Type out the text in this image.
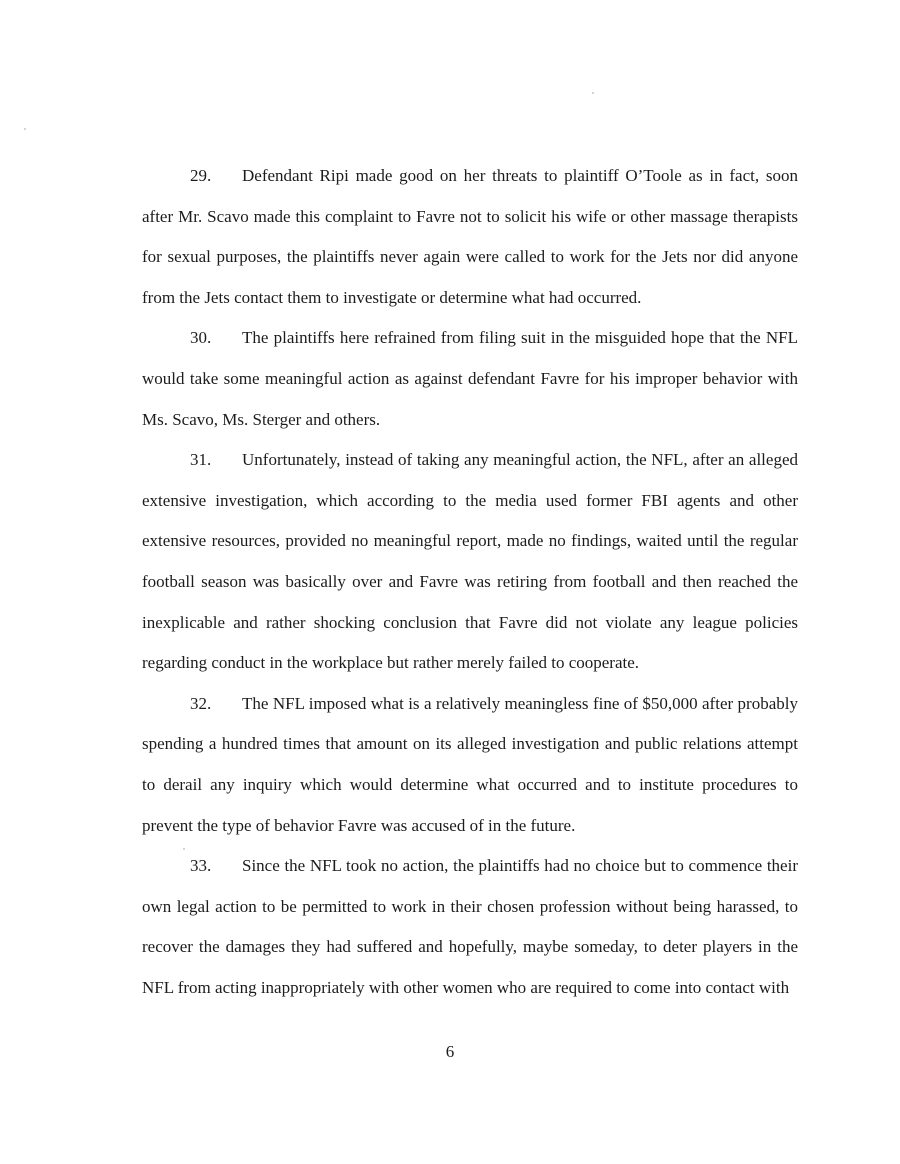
29. Defendant Ripi made good on her threats to plaintiff O’Toole as in fact, soon after Mr. Scavo made this complaint to Favre not to solicit his wife or other massage therapists for sexual purposes, the plaintiffs never again were called to work for the Jets nor did anyone from the Jets contact them to investigate or determine what had occurred.

30. The plaintiffs here refrained from filing suit in the misguided hope that the NFL would take some meaningful action as against defendant Favre for his improper behavior with Ms. Scavo, Ms. Sterger and others.

31. Unfortunately, instead of taking any meaningful action, the NFL, after an alleged extensive investigation, which according to the media used former FBI agents and other extensive resources, provided no meaningful report, made no findings, waited until the regular football season was basically over and Favre was retiring from football and then reached the inexplicable and rather shocking conclusion that Favre did not violate any league policies regarding conduct in the workplace but rather merely failed to cooperate.

32. The NFL imposed what is a relatively meaningless fine of $50,000 after probably spending a hundred times that amount on its alleged investigation and public relations attempt to derail any inquiry which would determine what occurred and to institute procedures to prevent the type of behavior Favre was accused of in the future.

33. Since the NFL took no action, the plaintiffs had no choice but to commence their own legal action to be permitted to work in their chosen profession without being harassed, to recover the damages they had suffered and hopefully, maybe someday, to deter players in the NFL from acting inappropriately with other women who are required to come into contact with

6
